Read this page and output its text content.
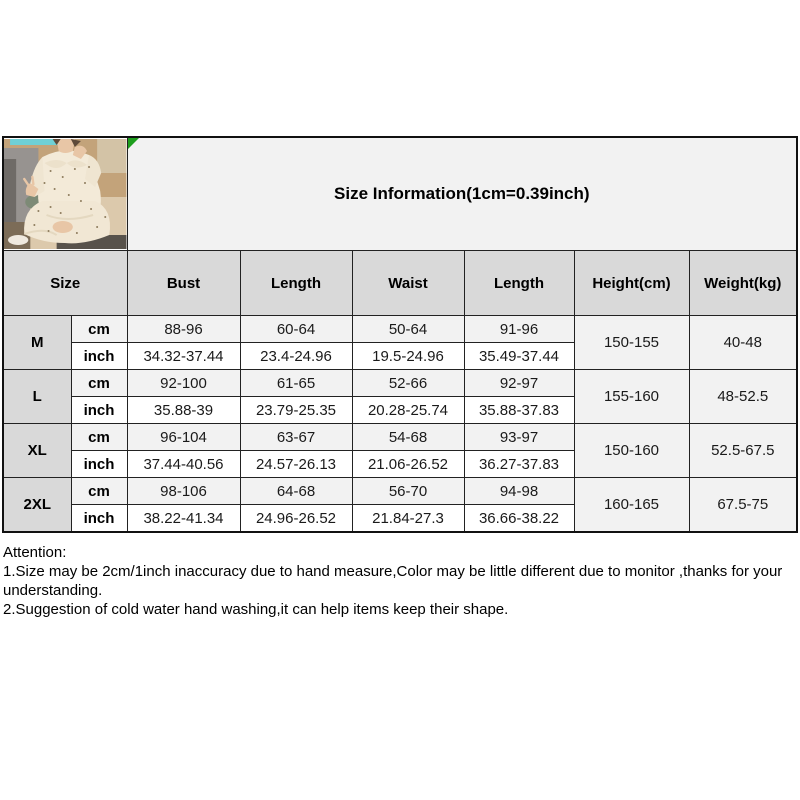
Size Information(1cm=0.39inch)					
Size		Bust	Length	Waist	Length	Height(cm)	Weight(kg)
M	cm	88-96	60-64	50-64	91-96	150-155	40-48
	inch	34.32-37.44	23.4-24.96	19.5-24.96	35.49-37.44		
L	cm	92-100	61-65	52-66	92-97	155-160	48-52.5
	inch	35.88-39	23.79-25.35	20.28-25.74	35.88-37.83		
XL	cm	96-104	63-67	54-68	93-97	150-160	52.5-67.5
	inch	37.44-40.56	24.57-26.13	21.06-26.52	36.27-37.83		
2XL	cm	98-106	64-68	56-70	94-98	160-165	67.5-75
	inch	38.22-41.34	24.96-26.52	21.84-27.3	36.66-38.22		

Attention:

1.Size may be 2cm/1inch inaccuracy due to hand measure,Color may be little different due to monitor ,thanks for your understanding.

2.Suggestion of cold water hand washing,it can help items keep their shape.
